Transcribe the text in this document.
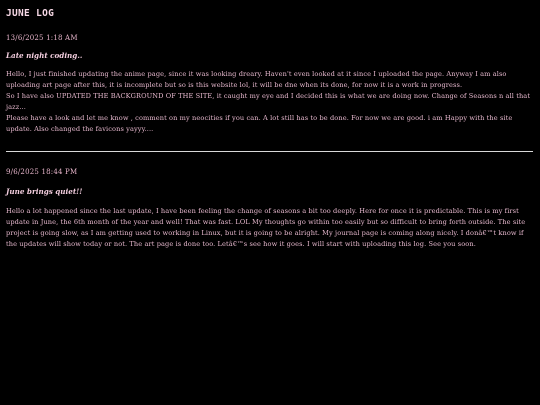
JUNE LOG
13/6/2025 1:18 AM
Late night coding..

Hello, I just finished updating the anime page, since it was looking dreary. Haven't even looked at it since I uploaded the page. Anyway I am also uploading art page after this, it is incomplete but so is this website lol, it will be dne when its done, for now it is a work in progress.

So I have also UPDATED THE BACKGROUND OF THE SITE, it caught my eye and I decided this is what we are doing now. Change of Seasons n all that jazz...

Please have a look and let me know , comment on my neocities if you can. A lot still has to be done. For now we are good. i am Happy with the site update. Also changed the favicons yayyy....

9/6/2025 18:44 PM
June brings quiet!!

Hello a lot happened since the last update, I have been feeling the change of seasons a bit too deeply. Here for once it is predictable. This is my first update in June, the 6th month of the year and well! That was fast. LOL My thoughts go within too easily but so difficult to bring forth outside. The site project is going slow, as I am getting used to working in Linux, but it is going to be alright. My journal page is coming along nicely. I donâ€™t know if the updates will show today or not. The art page is done too. Letâ€™s see how it goes. I will start with uploading this log. See you soon.
